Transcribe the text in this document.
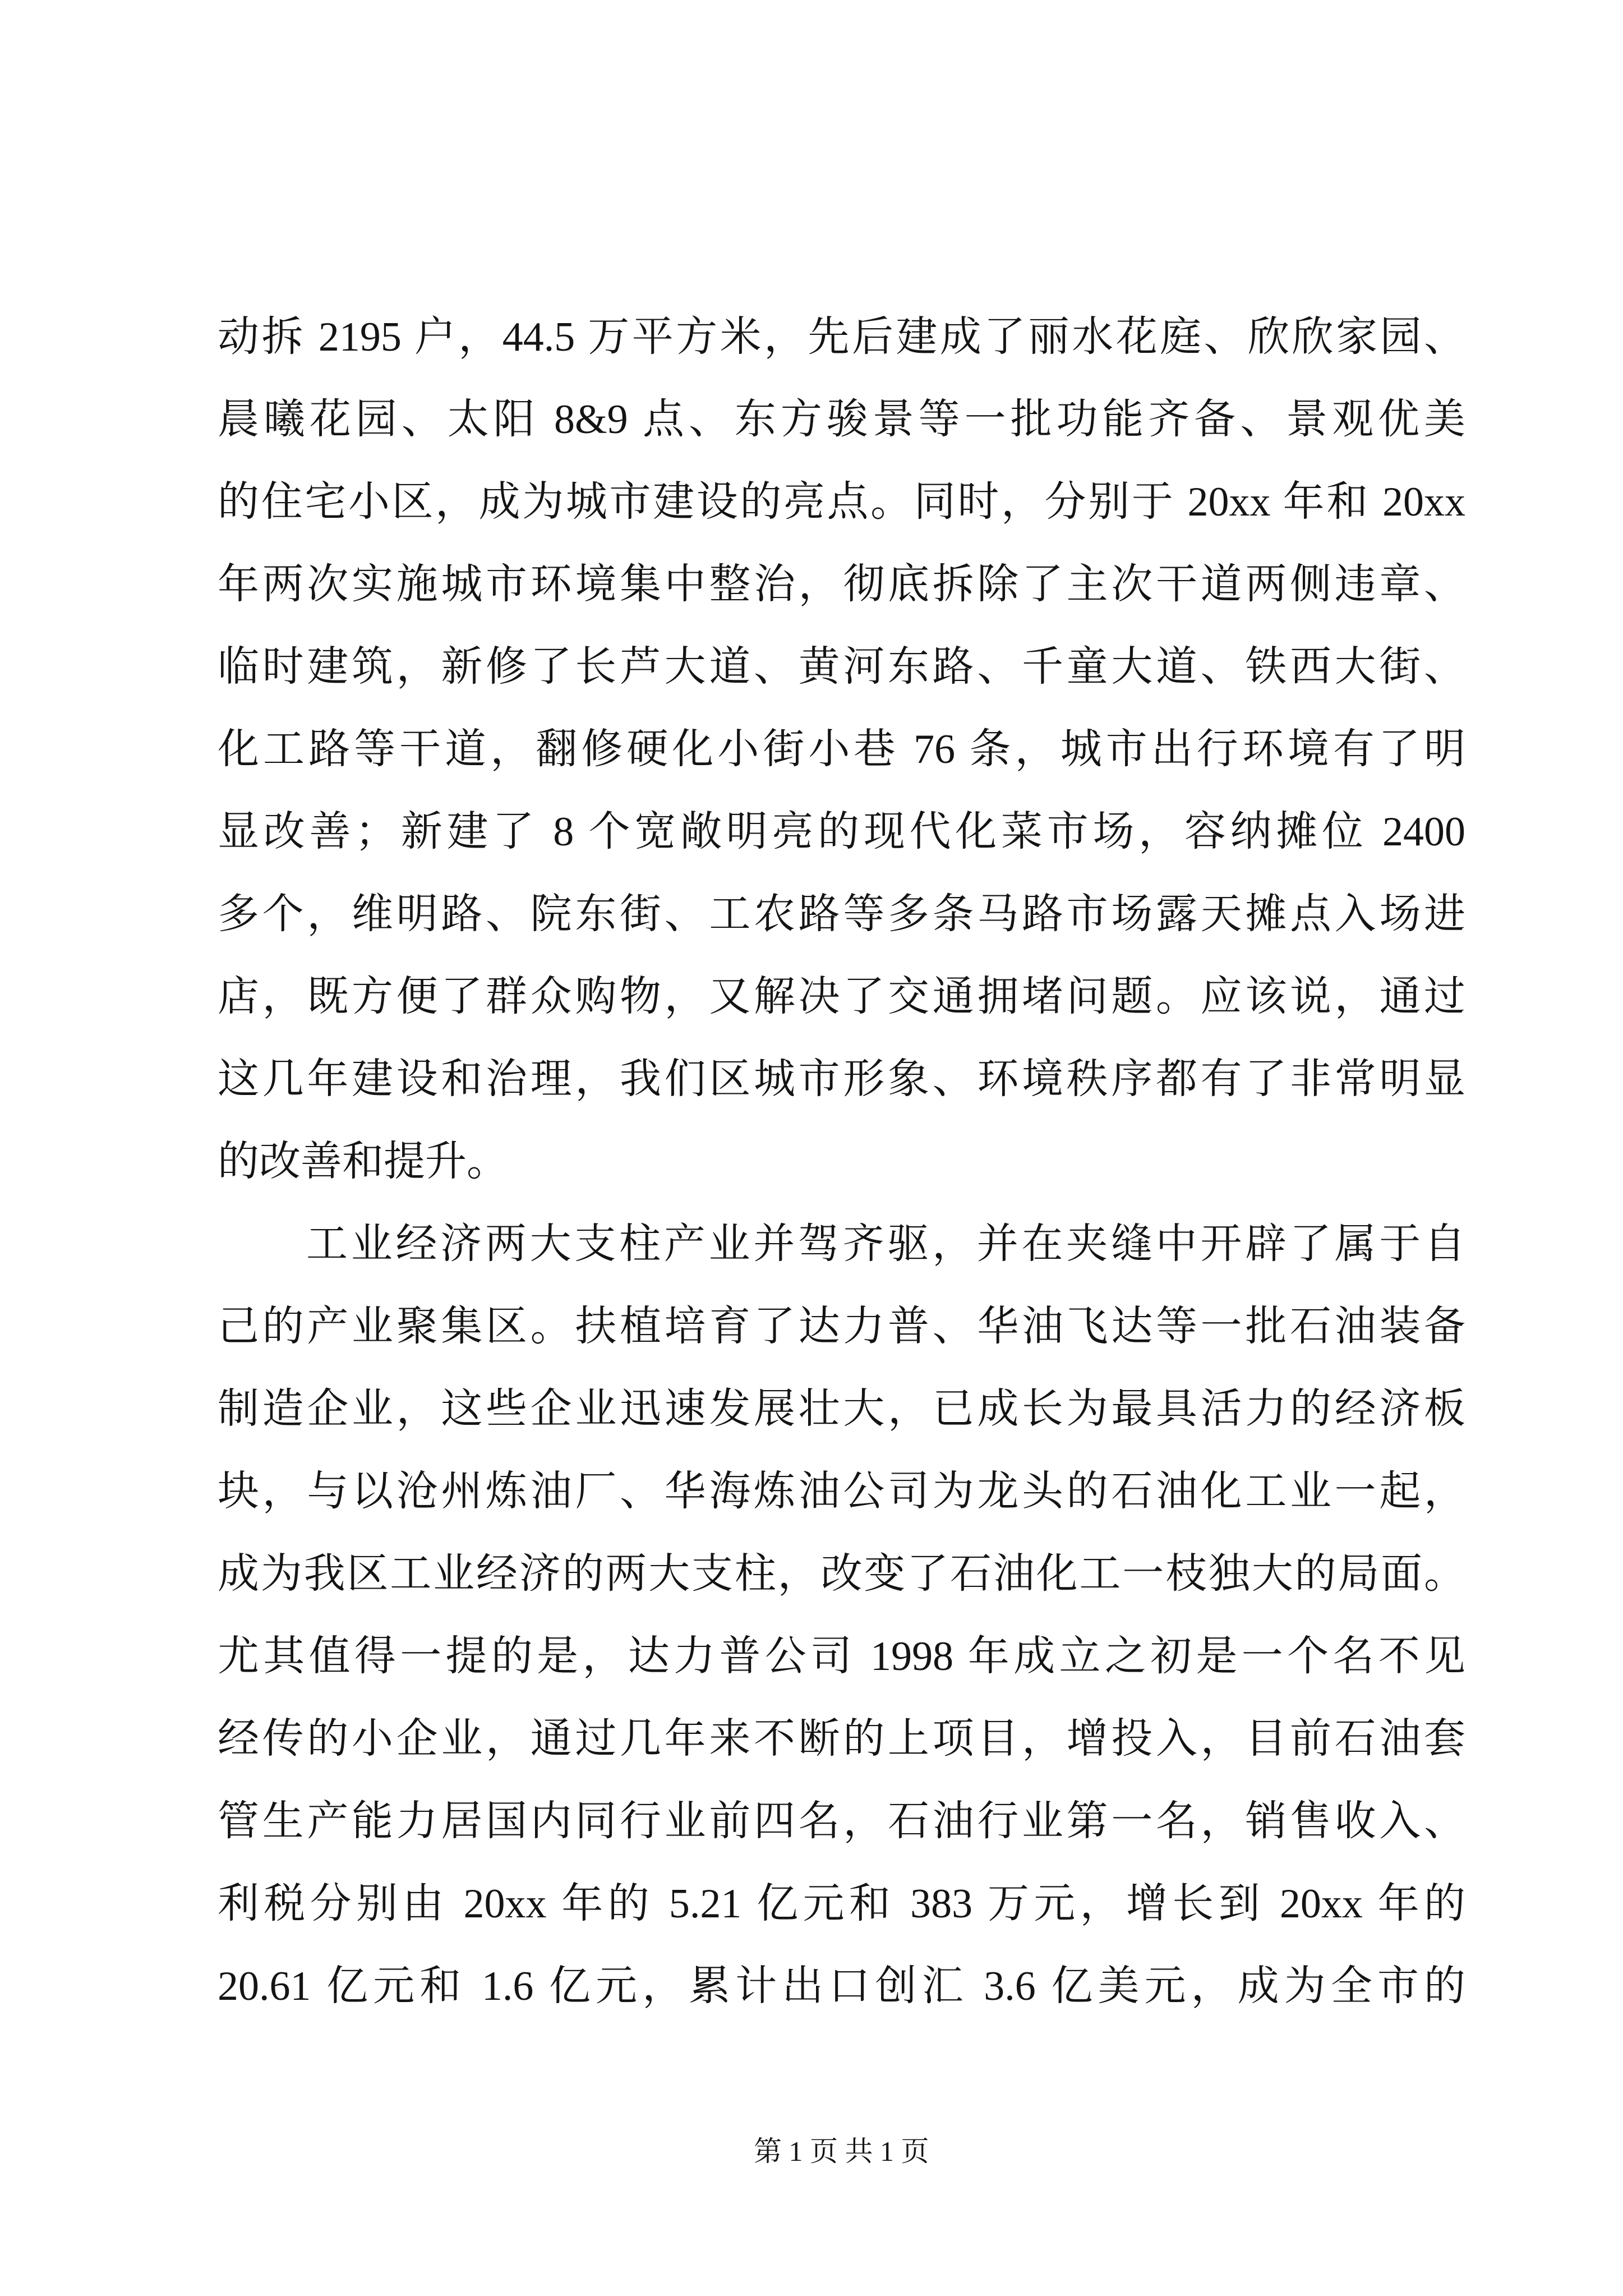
动拆 2195 户，44.5 万平方米，先后建成了丽水花庭、欣欣家园、
晨曦花园、太阳 8&9 点、东方骏景等一批功能齐备、景观优美
的住宅小区，成为城市建设的亮点。同时，分别于 20xx 年和 20xx
年两次实施城市环境集中整治，彻底拆除了主次干道两侧违章、
临时建筑，新修了长芦大道、黄河东路、千童大道、铁西大街、
化工路等干道，翻修硬化小街小巷 76 条，城市出行环境有了明
显改善；新建了 8 个宽敞明亮的现代化菜市场，容纳摊位 2400
多个，维明路、院东街、工农路等多条马路市场露天摊点入场进
店，既方便了群众购物，又解决了交通拥堵问题。应该说，通过
这几年建设和治理，我们区城市形象、环境秩序都有了非常明显
的改善和提升。
工业经济两大支柱产业并驾齐驱，并在夹缝中开辟了属于自
己的产业聚集区。扶植培育了达力普、华油飞达等一批石油装备
制造企业，这些企业迅速发展壮大，已成长为最具活力的经济板
块，与以沧州炼油厂、华海炼油公司为龙头的石油化工业一起，
成为我区工业经济的两大支柱，改变了石油化工一枝独大的局面。
尤其值得一提的是，达力普公司 1998 年成立之初是一个名不见
经传的小企业，通过几年来不断的上项目，增投入，目前石油套
管生产能力居国内同行业前四名，石油行业第一名，销售收入、
利税分别由 20xx 年的 5.21 亿元和 383 万元，增长到 20xx 年的
20.61 亿元和 1.6 亿元，累计出口创汇 3.6 亿美元，成为全市的
第 1 页 共 1 页
